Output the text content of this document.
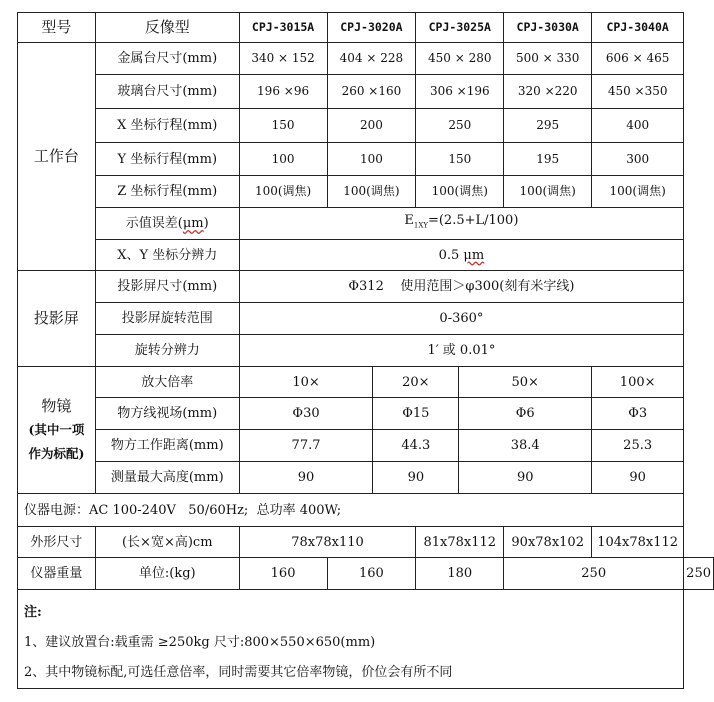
型号	反像型	CPJ-3015A	CPJ-3020A		CPJ-3025A		CPJ-3030A	CPJ-3040A	
工作台	金属台尺寸(mm)	340 × 152	404 × 228		450 × 280		500 × 330	606 × 465	
	玻璃台尺寸(mm)	196 ×96	260 ×160		306 ×196		320 ×220	450 ×350	
	X 坐标行程(mm)	150	200		250		295	400	
	Y 坐标行程(mm)	100	100		150		195	300	
	Z 坐标行程(mm)	100(调焦)	100(调焦)		100(调焦)		100(调焦)	100(调焦)	
	示值误差(μm)	$E_{1XY}=(2.5+L/100)$							
	X、Y 坐标分辨力	0.5 μm							
投影屏	投影屏尺寸(mm)	Φ312    使用范围＞φ300(刻有米字线)							
	投影屏旋转范围	0-360°							
	旋转分辨力	1′ 或 0.01°							

物镜
(其中一项
作为标配)	放大倍率	10×		20×		50×		100×	
	物方线视场(mm)	Φ30		Φ15		Φ6		Φ3	
	物方工作距离(mm)	77.7		44.3		38.4		25.3	
	测量最大高度(mm)	90		90		90		90	
仪器电源：AC 100-240V   50/60Hz;  总功率 400W;									
外形尺寸	(长×宽×高)cm	78x78x110			81x78x112		90x78x102	104x78x112	
仪器重量	单位:(kg)	160	160		180		250		250

注:
1、建议放置台:载重需 ≥250kg 尺寸:800×550×650(mm)
2、其中物镜标配,可选任意倍率，同时需要其它倍率物镜，价位会有所不同									
